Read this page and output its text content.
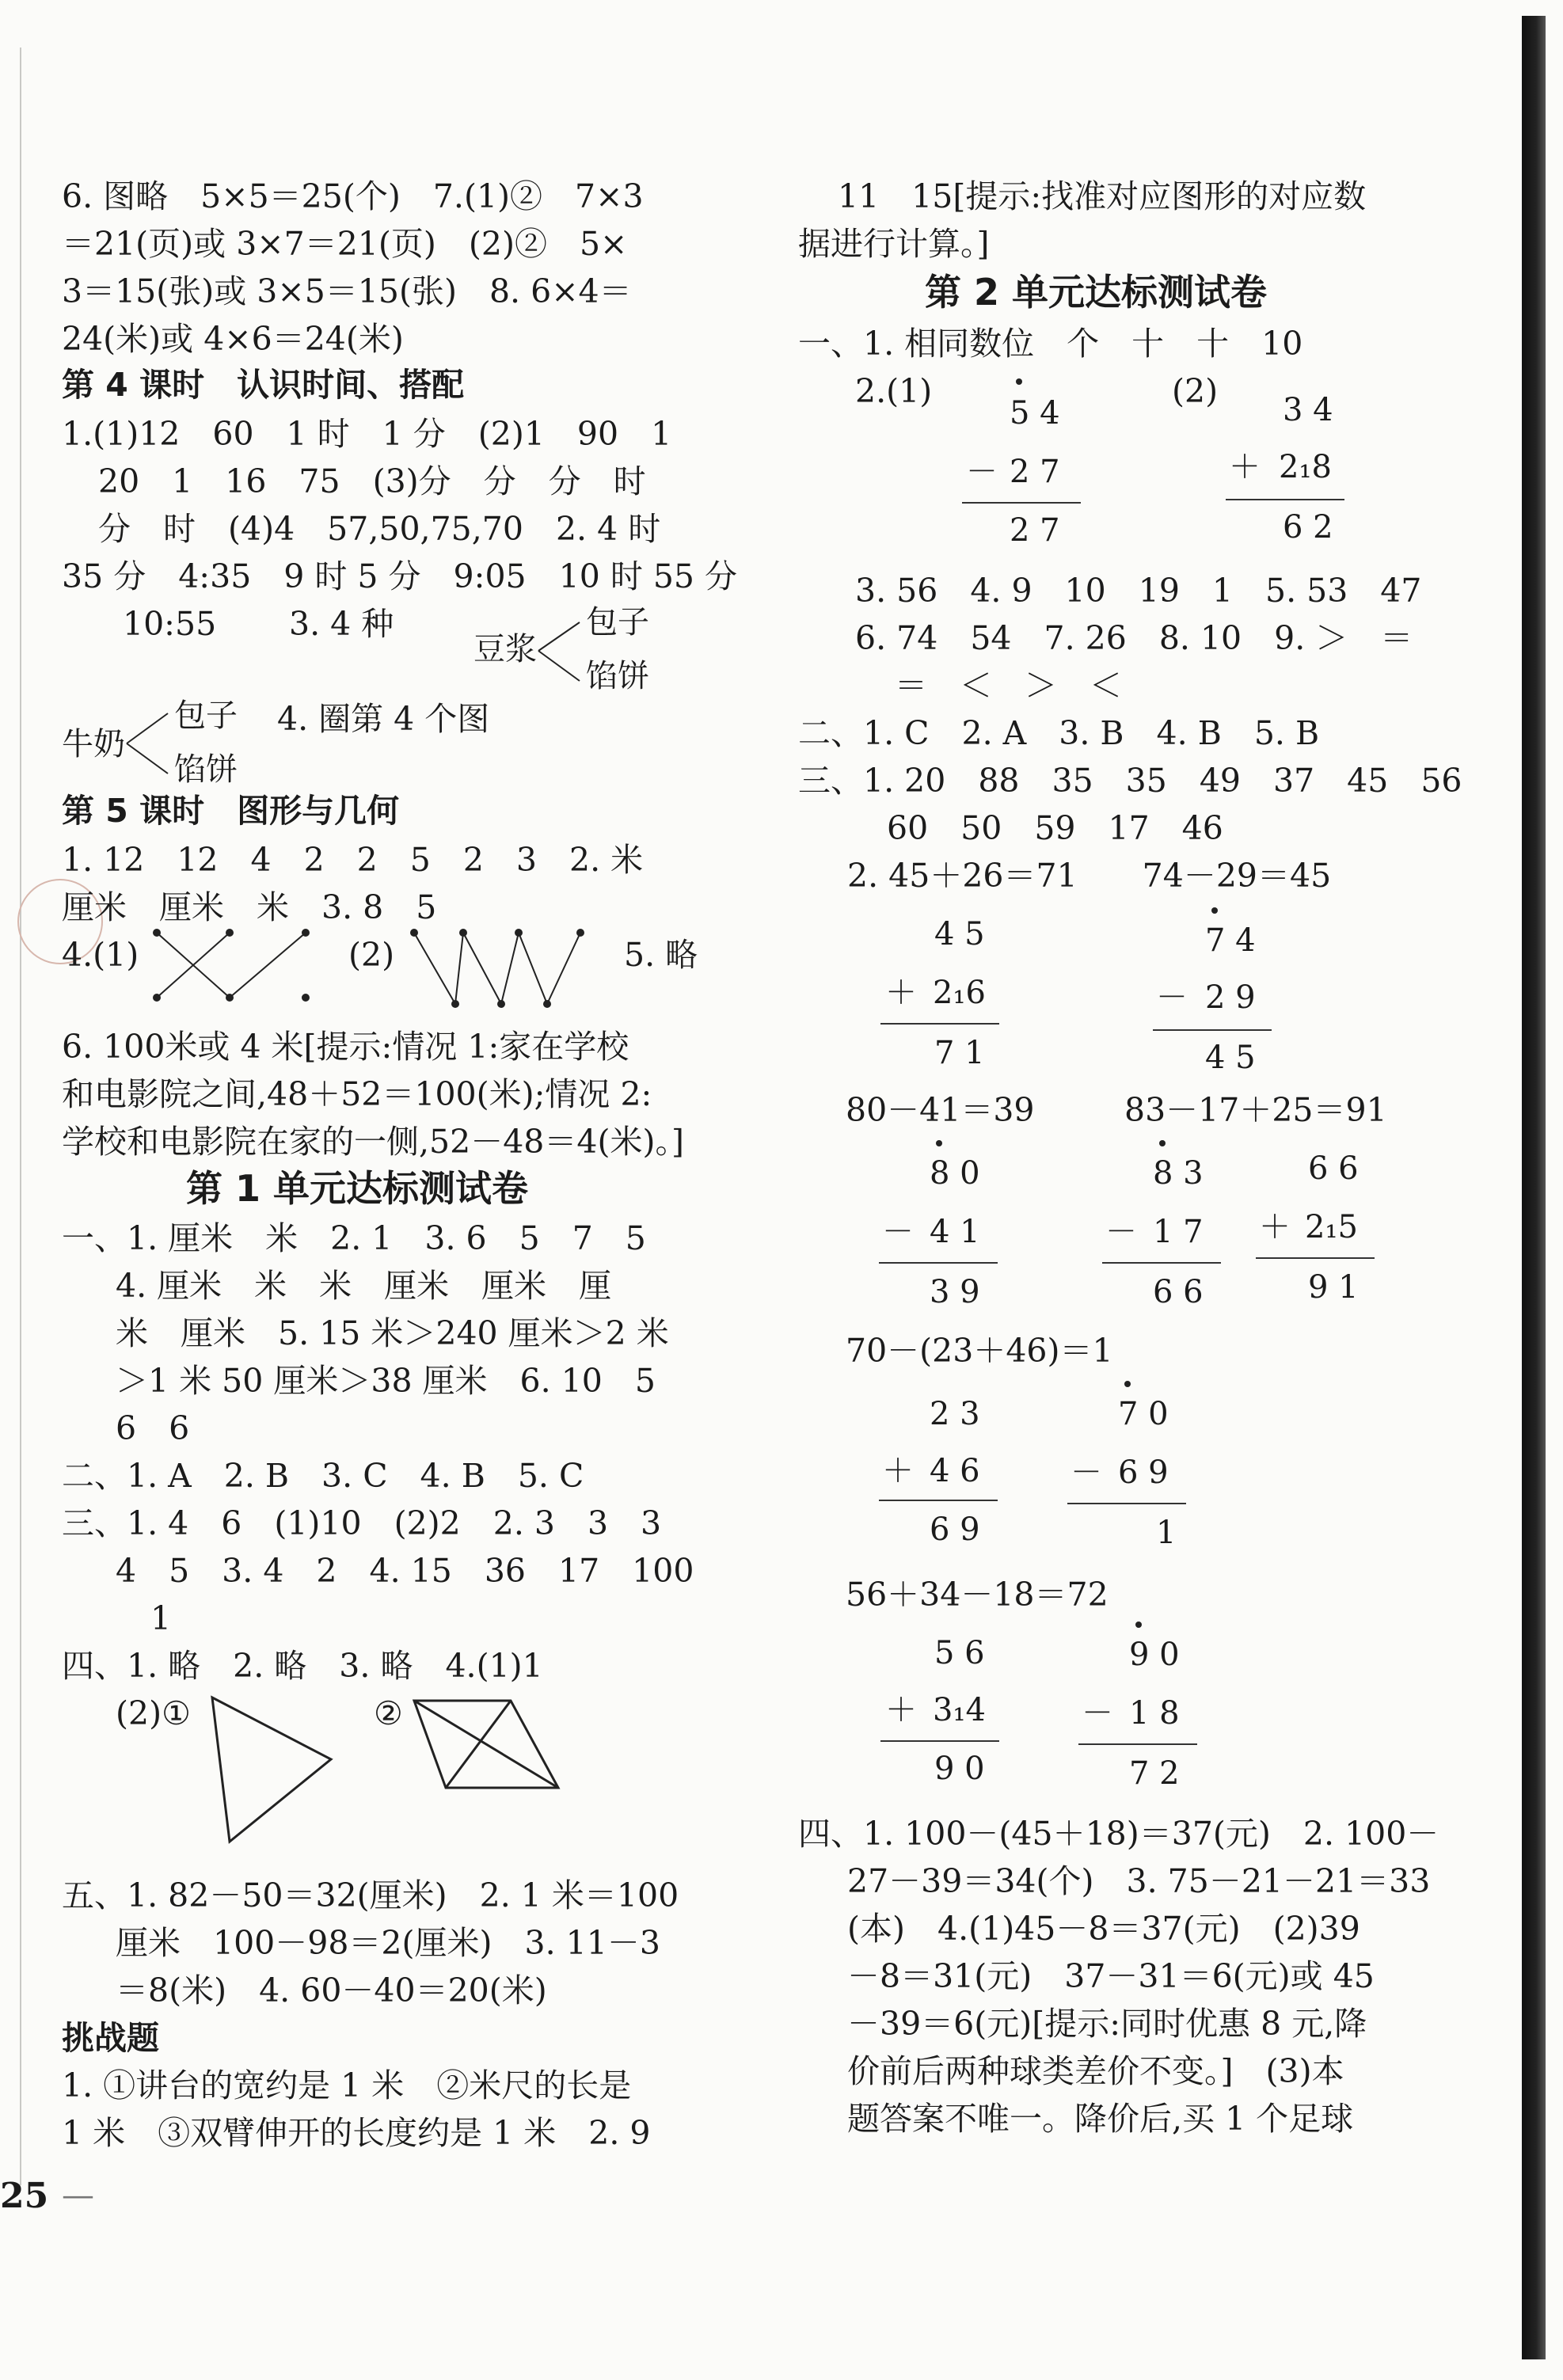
6. 图略　5×5＝25(个)　7.(1)②　7×3
＝21(页)或 3×7＝21(页)　(2)②　5×
3＝15(张)或 3×5＝15(张)　8. 6×4＝
24(米)或 4×6＝24(米)
第 4 课时　认识时间、搭配
1.(1)12　60　1 时　1 分　(2)1　90　1
20　1　16　75　(3)分　分　分　时
分　时　(4)4　57,50,75,70　2. 4 时
35 分　4:35　9 时 5 分　9:05　10 时 55 分
10:55 3. 4 种
豆浆
包子
馅饼
牛奶
包子
馅饼
4. 圈第 4 个图
第 5 课时　图形与几何
1. 12　12　4　2　2　5　2　3　2. 米
厘米　厘米　米　3. 8　5
4.(1)	(2)	5. 略
6. 100米或 4 米[提示:情况 1:家在学校
和电影院之间,48＋52＝100(米);情况 2:
学校和电影院在家的一侧,52－48＝4(米)。]
第 1 单元达标测试卷
一、1. 厘米　米　2. 1　3. 6　5　7　5
4. 厘米　米　米　厘米　厘米　厘
米　厘米　5. 15 米＞240 厘米＞2 米
＞1 米 50 厘米＞38 厘米　6. 10　5
6　6
二、1. A　2. B　3. C　4. B　5. C
三、1. 4　6　(1)10　(2)2　2. 3　3　3
4　5　3. 4　2　4. 15　36　17　100
1
四、1. 略　2. 略　3. 略　4.(1)1
(2)①	②
五、1. 82－50＝32(厘米)　2. 1 米＝100
厘米　100－98＝2(厘米)　3. 11－3
＝8(米)　4. 60－40＝20(米)
挑战题
1. ①讲台的宽约是 1 米　②米尺的长是
1 米　③双臂伸开的长度约是 1 米　2. 9
25 —
11　15[提示:找准对应图形的对应数
据进行计算。]
第 2 单元达标测试卷
一、1. 相同数位　个　十　十　10
2.(1)	(2)
5 4
－ 2 7
2 7
3 4
＋ 2₁8
6 2
3. 56　4. 9　10　19　1　5. 53　47
6. 74　54　7. 26　8. 10　9. ＞　＝
＝　＜　＞　＜
二、1. C　2. A　3. B　4. B　5. B
三、1. 20　88　35　35　49　37　45　56
60　50　59　17　46
2. 45＋26＝71　　74－29＝45
4 5
＋ 2₁6
7 1
7 4
－ 2 9
4 5
80－41＝39	83－17＋25＝91
8 0
－ 4 1
3 9
8 3
－ 1 7
6 6
6 6
＋ 2₁5
9 1
70－(23＋46)＝1
2 3
＋ 4 6
6 9
7 0
－ 6 9
1
56＋34－18＝72
5 6
＋ 3₁4
9 0
9 0
－ 1 8
7 2
四、1. 100－(45＋18)＝37(元)　2. 100－
27－39＝34(个)　3. 75－21－21＝33
(本)　4.(1)45－8＝37(元)　(2)39
－8＝31(元)　37－31＝6(元)或 45
－39＝6(元)[提示:同时优惠 8 元,降
价前后两种球类差价不变。]　(3)本
题答案不唯一。降价后,买 1 个足球
